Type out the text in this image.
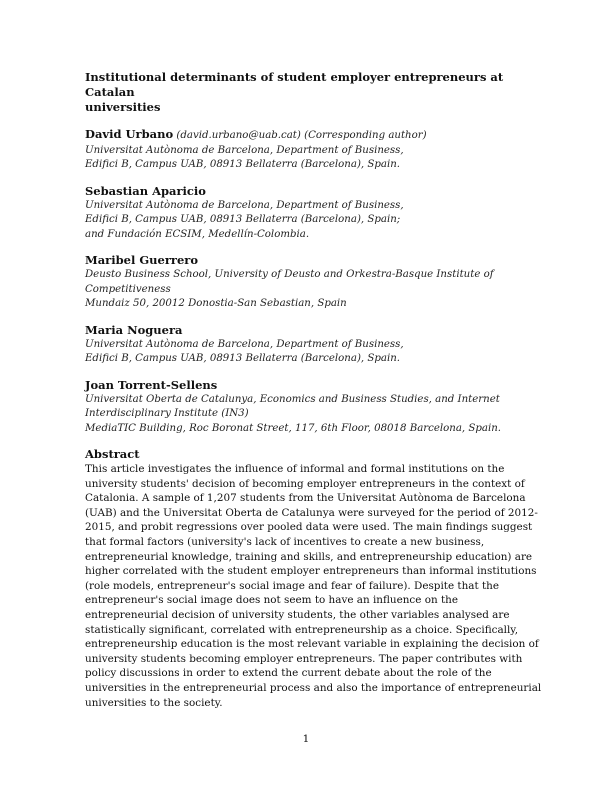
Institutional determinants of student employer entrepreneurs at Catalan
universities
David Urbano (david.urbano@uab.cat) (Corresponding author)
Universitat Autònoma de Barcelona, Department of Business,
Edifici B, Campus UAB, 08913 Bellaterra (Barcelona), Spain.
Sebastian Aparicio
Universitat Autònoma de Barcelona, Department of Business,
Edifici B, Campus UAB, 08913 Bellaterra (Barcelona), Spain;
and Fundación ECSIM, Medellín-Colombia.
Maribel Guerrero
Deusto Business School, University of Deusto and Orkestra-Basque Institute of
Competitiveness
Mundaiz 50, 20012 Donostia-San Sebastian, Spain
Maria Noguera
Universitat Autònoma de Barcelona, Department of Business,
Edifici B, Campus UAB, 08913 Bellaterra (Barcelona), Spain.
Joan Torrent-Sellens
Universitat Oberta de Catalunya, Economics and Business Studies, and Internet
Interdisciplinary Institute (IN3)
MediaTIC Building, Roc Boronat Street, 117, 6th Floor, 08018 Barcelona, Spain.
Abstract
This article investigates the influence of informal and formal institutions on the
university students' decision of becoming employer entrepreneurs in the context of
Catalonia. A sample of 1,207 students from the Universitat Autònoma de Barcelona
(UAB) and the Universitat Oberta de Catalunya were surveyed for the period of 2012-
2015, and probit regressions over pooled data were used. The main findings suggest
that formal factors (university's lack of incentives to create a new business,
entrepreneurial knowledge, training and skills, and entrepreneurship education) are
higher correlated with the student employer entrepreneurs than informal institutions
(role models, entrepreneur's social image and fear of failure). Despite that the
entrepreneur's social image does not seem to have an influence on the
entrepreneurial decision of university students, the other variables analysed are
statistically significant, correlated with entrepreneurship as a choice. Specifically,
entrepreneurship education is the most relevant variable in explaining the decision of
university students becoming employer entrepreneurs. The paper contributes with
policy discussions in order to extend the current debate about the role of the
universities in the entrepreneurial process and also the importance of entrepreneurial
universities to the society.
1
